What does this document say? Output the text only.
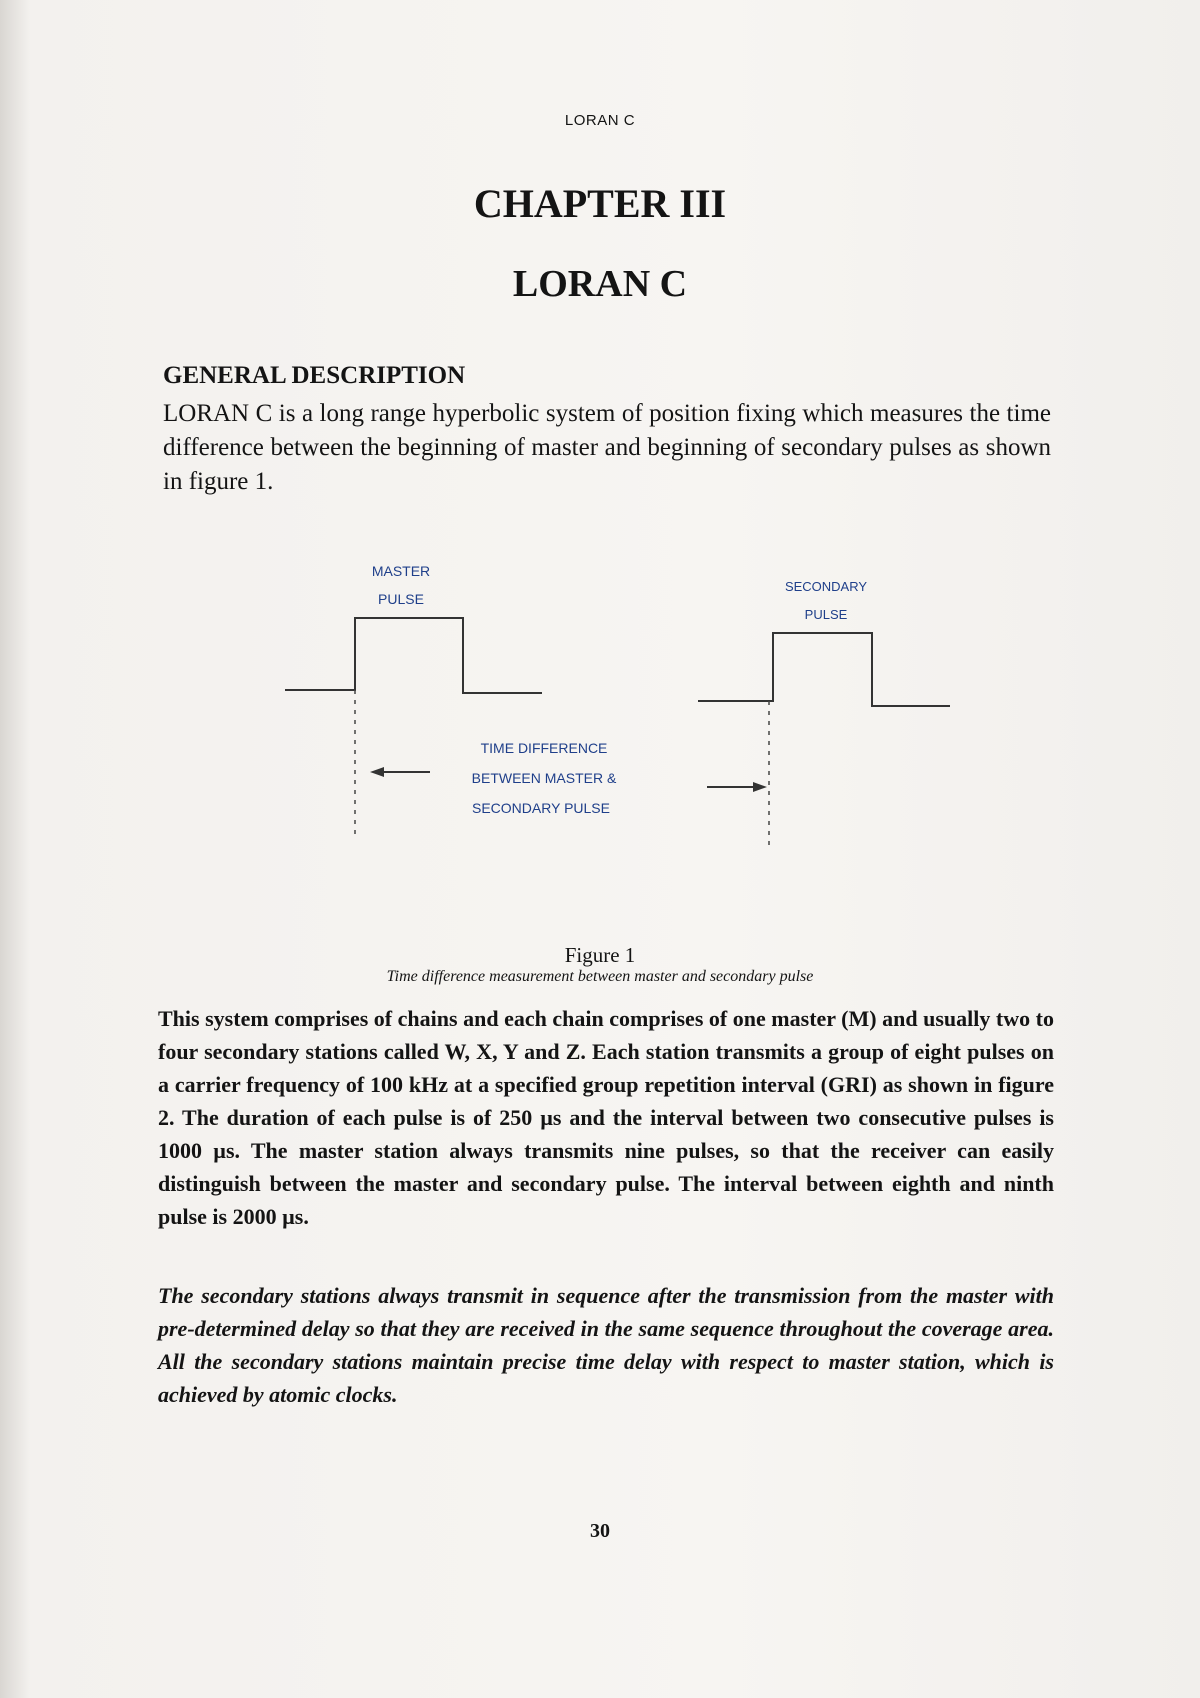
LORAN C
CHAPTER III
LORAN C
GENERAL DESCRIPTION
LORAN C is a long range hyperbolic system of position fixing which measures the time difference between the beginning of master and beginning of secondary pulses as shown in figure 1.
MASTER
PULSE
SECONDARY
PULSE
TIME DIFFERENCE
BETWEEN MASTER &
SECONDARY PULSE
Figure 1
Time difference measurement between master and secondary pulse
This system comprises of chains and each chain comprises of one master (M) and usually two to four secondary stations called W, X, Y and Z. Each station transmits a group of eight pulses on a carrier frequency of 100 kHz at a specified group repetition interval (GRI) as shown in figure 2. The duration of each pulse is of 250 µs and the interval between two consecutive pulses is 1000 µs. The master station always transmits nine pulses, so that the receiver can easily distinguish between the master and secondary pulse. The interval between eighth and ninth pulse is 2000 µs.
The secondary stations always transmit in sequence after the transmission from the master with pre-determined delay so that they are received in the same sequence throughout the coverage area. All the secondary stations maintain precise time delay with respect to master station, which is achieved by atomic clocks.
30
